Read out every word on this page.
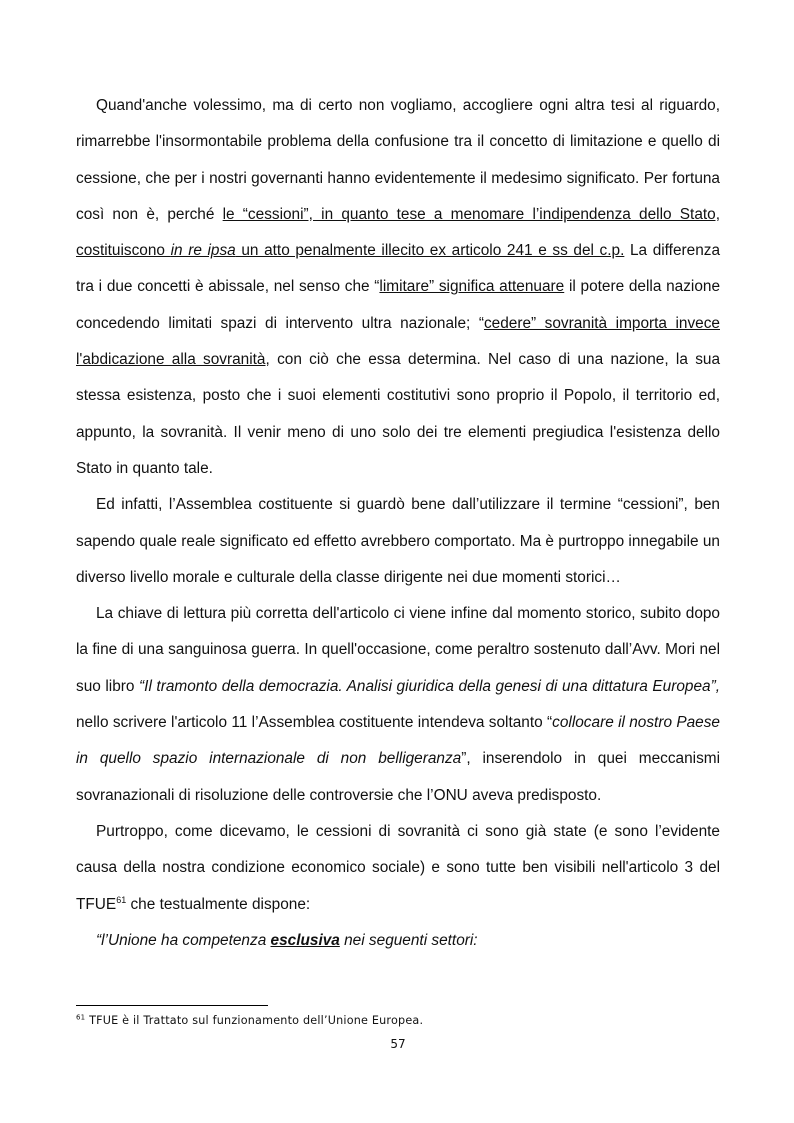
Quand'anche volessimo, ma di certo non vogliamo, accogliere ogni altra tesi al riguardo, rimarrebbe l'insormontabile problema della confusione tra il concetto di limitazione e quello di cessione, che per i nostri governanti hanno evidentemente il medesimo significato. Per fortuna così non è, perché le “cessioni”, in quanto tese a menomare l’indipendenza dello Stato, costituiscono in re ipsa un atto penalmente illecito ex articolo 241 e ss del c.p. La differenza tra i due concetti è abissale, nel senso che “limitare” significa attenuare il potere della nazione concedendo limitati spazi di intervento ultra nazionale; “cedere” sovranità importa invece l'abdicazione alla sovranità, con ciò che essa determina. Nel caso di una nazione, la sua stessa esistenza, posto che i suoi elementi costitutivi sono proprio il Popolo, il territorio ed, appunto, la sovranità. Il venir meno di uno solo dei tre elementi pregiudica l'esistenza dello Stato in quanto tale.

Ed infatti, l’Assemblea costituente si guardò bene dall’utilizzare il termine “cessioni”, ben sapendo quale reale significato ed effetto avrebbero comportato. Ma è purtroppo innegabile un diverso livello morale e culturale della classe dirigente nei due momenti storici…

La chiave di lettura più corretta dell'articolo ci viene infine dal momento storico, subito dopo la fine di una sanguinosa guerra. In quell'occasione, come peraltro sostenuto dall’Avv. Mori nel suo libro “Il tramonto della democrazia. Analisi giuridica della genesi di una dittatura Europea”, nello scrivere l'articolo 11 l’Assemblea costituente intendeva soltanto “collocare il nostro Paese in quello spazio internazionale di non belligeranza”, inserendolo in quei meccanismi sovranazionali di risoluzione delle controversie che l’ONU aveva predisposto.

Purtroppo, come dicevamo, le cessioni di sovranità ci sono già state (e sono l’evidente causa della nostra condizione economico sociale) e sono tutte ben visibili nell'articolo 3 del TFUE$^{61}$ che testualmente dispone:

“l’Unione ha competenza esclusiva nei seguenti settori:

$^{61}$ TFUE è il Trattato sul funzionamento dell’Unione Europea.
57
